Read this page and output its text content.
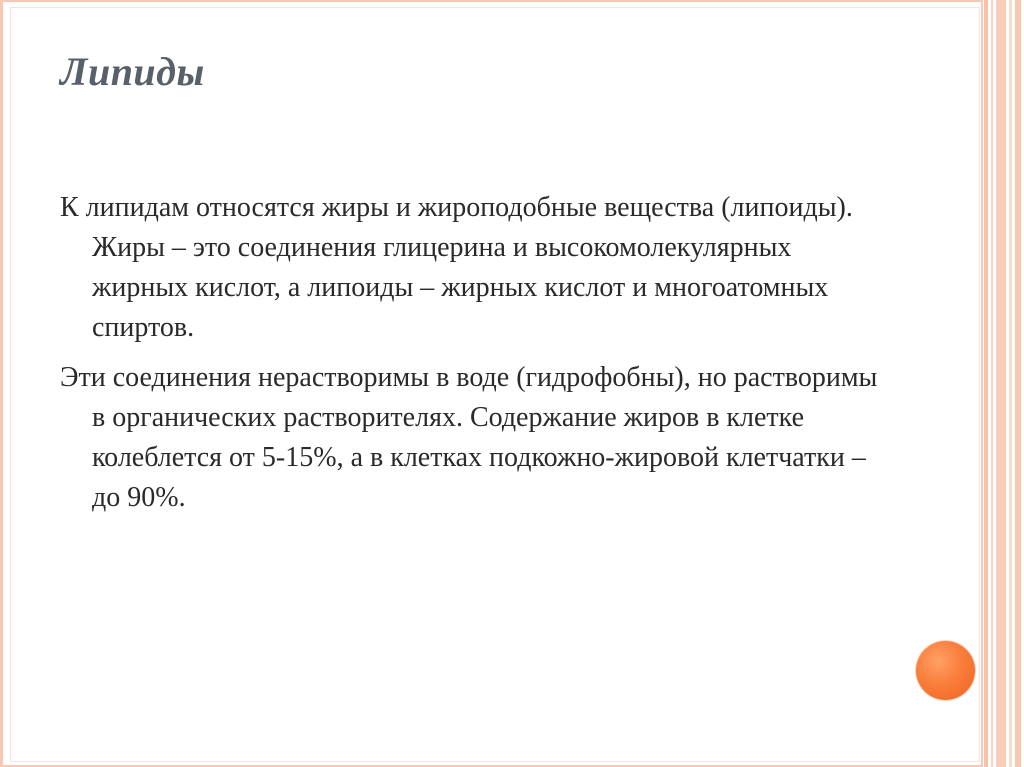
Липиды

К липидам относятся жиры и жироподобные вещества (липоиды). Жиры – это соединения глицерина и высокомолекулярных жирных кислот, а липоиды – жирных кислот и многоатомных спиртов.

Эти соединения нерастворимы в воде (гидрофобны), но растворимы в органических растворителях. Содержание жиров в клетке колеблется от 5-15%, а в клетках подкожно-жировой клетчатки – до 90%.
